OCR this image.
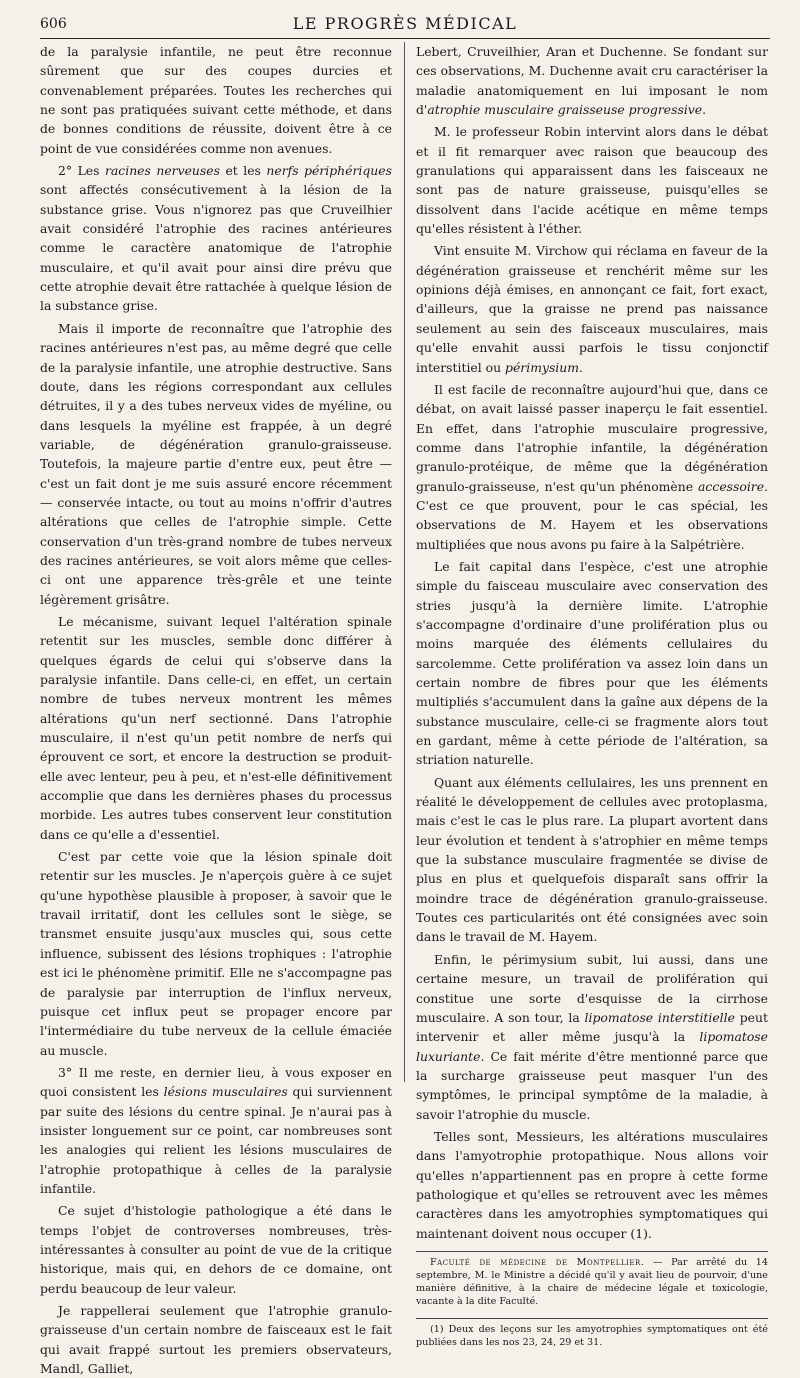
606	LE PROGRÈS MÉDICAL

de la paralysie infantile, ne peut être reconnue sûrement que sur des coupes durcies et convenablement préparées. Toutes les recherches qui ne sont pas pratiquées suivant cette méthode, et dans de bonnes conditions de réussite, doivent être à ce point de vue considérées comme non avenues.

2° Les racines nerveuses et les nerfs périphériques sont affectés consécutivement à la lésion de la substance grise. Vous n'ignorez pas que Cruveilhier avait considéré l'atrophie des racines antérieures comme le caractère anatomique de l'atrophie musculaire, et qu'il avait pour ainsi dire prévu que cette atrophie devait être rattachée à quelque lésion de la substance grise.

Mais il importe de reconnaître que l'atrophie des racines antérieures n'est pas, au même degré que celle de la paralysie infantile, une atrophie destructive. Sans doute, dans les régions correspondant aux cellules détruites, il y a des tubes nerveux vides de myéline, ou dans lesquels la myéline est frappée, à un degré variable, de dégénération granulo-graisseuse. Toutefois, la majeure partie d'entre eux, peut être — c'est un fait dont je me suis assuré encore récemment — conservée intacte, ou tout au moins n'offrir d'autres altérations que celles de l'atrophie simple. Cette conservation d'un très-grand nombre de tubes nerveux des racines antérieures, se voit alors même que celles-ci ont une apparence très-grêle et une teinte légèrement grisâtre.

Le mécanisme, suivant lequel l'altération spinale retentit sur les muscles, semble donc différer à quelques égards de celui qui s'observe dans la paralysie infantile. Dans celle-ci, en effet, un certain nombre de tubes nerveux montrent les mêmes altérations qu'un nerf sectionné. Dans l'atrophie musculaire, il n'est qu'un petit nombre de nerfs qui éprouvent ce sort, et encore la destruction se produit-elle avec lenteur, peu à peu, et n'est-elle définitivement accomplie que dans les dernières phases du processus morbide. Les autres tubes conservent leur constitution dans ce qu'elle a d'essentiel.

C'est par cette voie que la lésion spinale doit retentir sur les muscles. Je n'aperçois guère à ce sujet qu'une hypothèse plausible à proposer, à savoir que le travail irritatif, dont les cellules sont le siège, se transmet ensuite jusqu'aux muscles qui, sous cette influence, subissent des lésions trophiques : l'atrophie est ici le phénomène primitif. Elle ne s'accompagne pas de paralysie par interruption de l'influx nerveux, puisque cet influx peut se propager encore par l'intermédiaire du tube nerveux de la cellule émaciée au muscle.

3° Il me reste, en dernier lieu, à vous exposer en quoi consistent les lésions musculaires qui surviennent par suite des lésions du centre spinal. Je n'aurai pas à insister longuement sur ce point, car nombreuses sont les analogies qui relient les lésions musculaires de l'atrophie protopathique à celles de la paralysie infantile.

Ce sujet d'histologie pathologique a été dans le temps l'objet de controverses nombreuses, très-intéressantes à consulter au point de vue de la critique historique, mais qui, en dehors de ce domaine, ont perdu beaucoup de leur valeur.

Je rappellerai seulement que l'atrophie granulo-graisseuse d'un certain nombre de faisceaux est le fait qui avait frappé surtout les premiers observateurs, Mandl, Galliet,

Lebert, Cruveilhier, Aran et Duchenne. Se fondant sur ces observations, M. Duchenne avait cru caractériser la maladie anatomiquement en lui imposant le nom d'atrophie musculaire graisseuse progressive.

M. le professeur Robin intervint alors dans le débat et il fit remarquer avec raison que beaucoup des granulations qui apparaissent dans les faisceaux ne sont pas de nature graisseuse, puisqu'elles se dissolvent dans l'acide acétique en même temps qu'elles résistent à l'éther.

Vint ensuite M. Virchow qui réclama en faveur de la dégénération graisseuse et renchérit même sur les opinions déjà émises, en annonçant ce fait, fort exact, d'ailleurs, que la graisse ne prend pas naissance seulement au sein des faisceaux musculaires, mais qu'elle envahit aussi parfois le tissu conjonctif interstitiel ou périmysium.

Il est facile de reconnaître aujourd'hui que, dans ce débat, on avait laissé passer inaperçu le fait essentiel. En effet, dans l'atrophie musculaire progressive, comme dans l'atrophie infantile, la dégénération granulo-protéique, de même que la dégénération granulo-graisseuse, n'est qu'un phénomène accessoire. C'est ce que prouvent, pour le cas spécial, les observations de M. Hayem et les observations multipliées que nous avons pu faire à la Salpétrière.

Le fait capital dans l'espèce, c'est une atrophie simple du faisceau musculaire avec conservation des stries jusqu'à la dernière limite. L'atrophie s'accompagne d'ordinaire d'une prolifération plus ou moins marquée des éléments cellulaires du sarcolemme. Cette prolifération va assez loin dans un certain nombre de fibres pour que les éléments multipliés s'accumulent dans la gaîne aux dépens de la substance musculaire, celle-ci se fragmente alors tout en gardant, même à cette période de l'altération, sa striation naturelle.

Quant aux éléments cellulaires, les uns prennent en réalité le développement de cellules avec protoplasma, mais c'est le cas le plus rare. La plupart avortent dans leur évolution et tendent à s'atrophier en même temps que la substance musculaire fragmentée se divise de plus en plus et quelquefois disparaît sans offrir la moindre trace de dégénération granulo-graisseuse. Toutes ces particularités ont été consignées avec soin dans le travail de M. Hayem.

Enfin, le périmysium subit, lui aussi, dans une certaine mesure, un travail de prolifération qui constitue une sorte d'esquisse de la cirrhose musculaire. A son tour, la lipomatose interstitielle peut intervenir et aller même jusqu'à la lipomatose luxuriante. Ce fait mérite d'être mentionné parce que la surcharge graisseuse peut masquer l'un des symptômes, le principal symptôme de la maladie, à savoir l'atrophie du muscle.

Telles sont, Messieurs, les altérations musculaires dans l'amyotrophie protopathique. Nous allons voir qu'elles n'appartiennent pas en propre à cette forme pathologique et qu'elles se retrouvent avec les mêmes caractères dans les amyotrophies symptomatiques qui maintenant doivent nous occuper (1).

Faculté de médecine de Montpellier. — Par arrêté du 14 septembre, M. le Ministre a décidé qu'il y avait lieu de pourvoir, d'une manière définitive, à la chaire de médecine légale et toxicologie, vacante à la dite Faculté.

(1) Deux des leçons sur les amyotrophies symptomatiques ont été publiées dans les nos 23, 24, 29 et 31.
